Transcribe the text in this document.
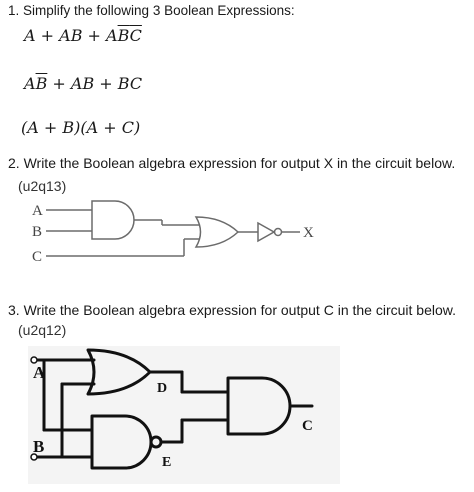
1. Simplify the following 3 Boolean Expressions:
A + AB + $A\overline{B}\overline{C}$
$A\overline{B}$ + AB + BC
(A + B)(A + C)
2. Write the Boolean algebra expression for output X in the circuit below.
(u2q13)
A
B
C
X
3. Write the Boolean algebra expression for output C in the circuit below.
(u2q12)
A
B
D
E
C
